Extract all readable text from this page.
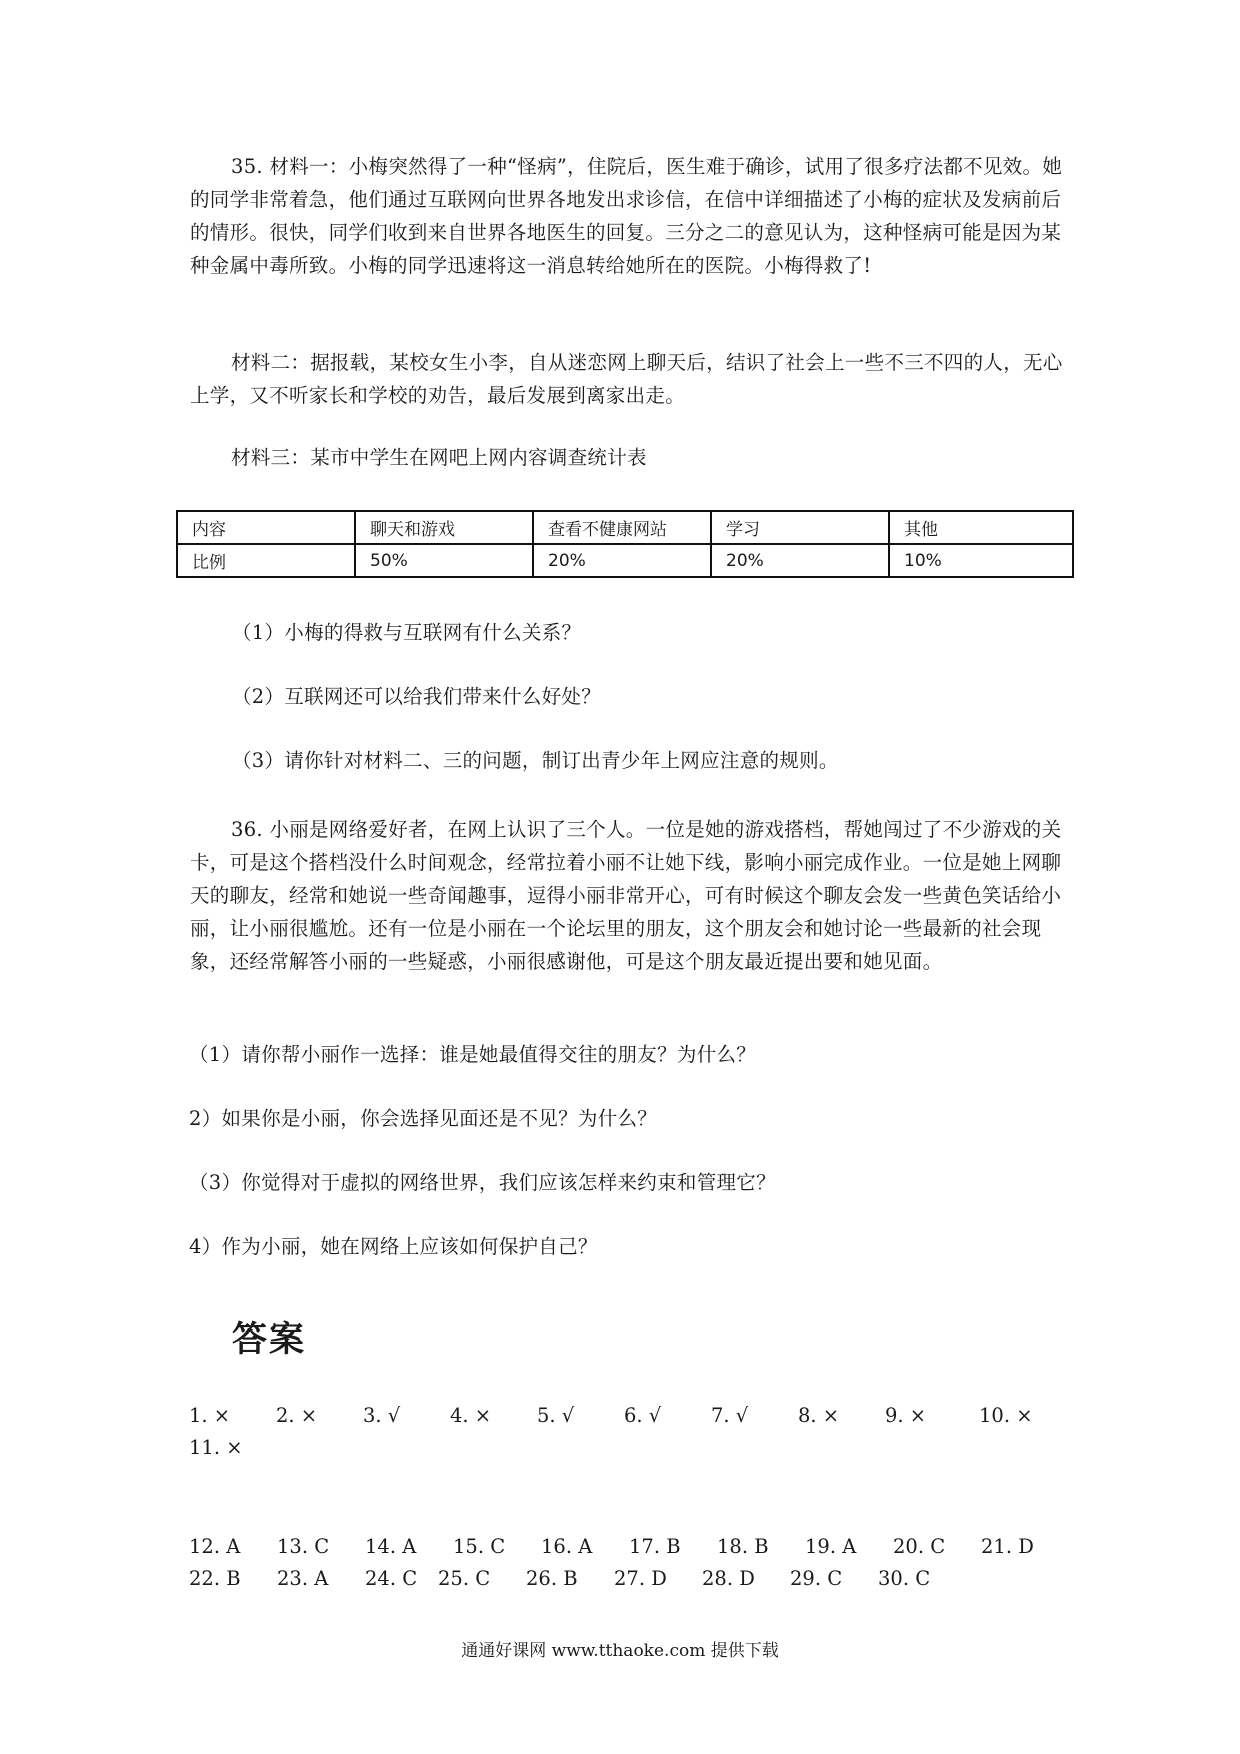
35. 材料一：小梅突然得了一种“怪病”，住院后，医生难于确诊，试用了很多疗法都不见效。她的同学非常着急，他们通过互联网向世界各地发出求诊信，在信中详细描述了小梅的症状及发病前后的情形。很快，同学们收到来自世界各地医生的回复。三分之二的意见认为，这种怪病可能是因为某种金属中毒所致。小梅的同学迅速将这一消息转给她所在的医院。小梅得救了!

材料二：据报载，某校女生小李，自从迷恋网上聊天后，结识了社会上一些不三不四的人，无心上学，又不听家长和学校的劝告，最后发展到离家出走。

材料三：某市中学生在网吧上网内容调查统计表

内容	聊天和游戏	查看不健康网站	学习	其他
比例	50%	20%	20%	10%

（1）小梅的得救与互联网有什么关系？

（2）互联网还可以给我们带来什么好处？

（3）请你针对材料二、三的问题，制订出青少年上网应注意的规则。

36. 小丽是网络爱好者，在网上认识了三个人。一位是她的游戏搭档，帮她闯过了不少游戏的关卡，可是这个搭档没什么时间观念，经常拉着小丽不让她下线，影响小丽完成作业。一位是她上网聊天的聊友，经常和她说一些奇闻趣事，逗得小丽非常开心，可有时候这个聊友会发一些黄色笑话给小丽，让小丽很尴尬。还有一位是小丽在一个论坛里的朋友，这个朋友会和她讨论一些最新的社会现象，还经常解答小丽的一些疑惑，小丽很感谢他，可是这个朋友最近提出要和她见面。

（1）请你帮小丽作一选择：谁是她最值得交往的朋友？为什么？

2）如果你是小丽，你会选择见面还是不见？为什么？

（3）你觉得对于虚拟的网络世界，我们应该怎样来约束和管理它？

4）作为小丽，她在网络上应该如何保护自己？

答案
1. × 2. × 3. √	4. × 5. √	6. √	7. √	8. × 9. ×	10. ×
11. ×
12. A 13. C 14. A 15. C 16. A 17. B 18. B 19. A 20. C 21. D
22. B 23. A 24. C 25. C 26. B 27. D 28. D 29. C 30. C
通通好课网 www.tthaoke.com 提供下载
